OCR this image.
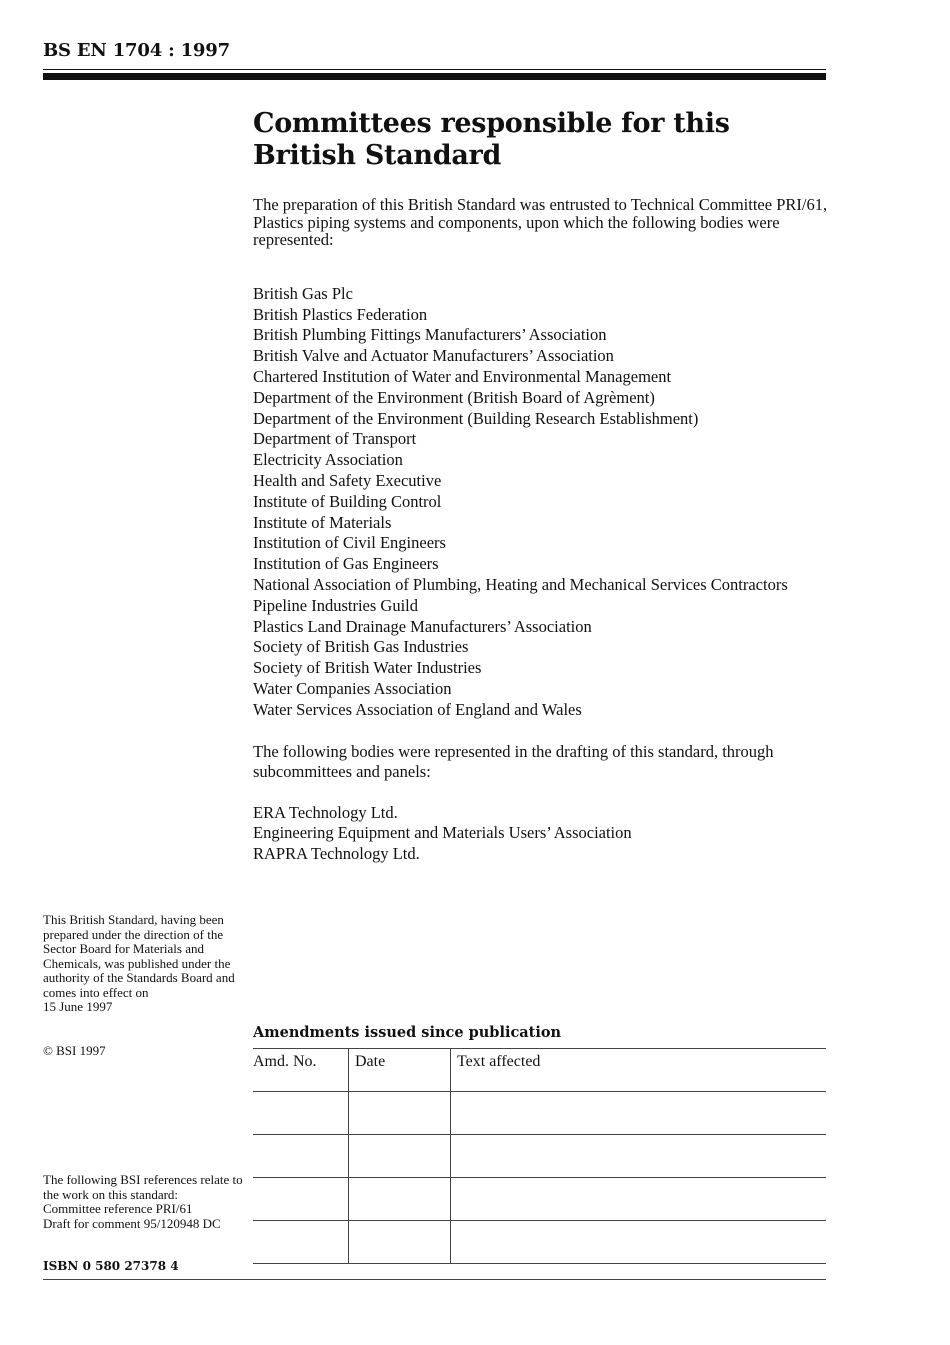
BS EN 1704 : 1997
Committees responsible for this
British Standard
The preparation of this British Standard was entrusted to Technical Committee PRI/61, Plastics piping systems and components, upon which the following bodies were represented:
British Gas Plc
British Plastics Federation
British Plumbing Fittings Manufacturers’ Association
British Valve and Actuator Manufacturers’ Association
Chartered Institution of Water and Environmental Management
Department of the Environment (British Board of Agrèment)
Department of the Environment (Building Research Establishment)
Department of Transport
Electricity Association
Health and Safety Executive
Institute of Building Control
Institute of Materials
Institution of Civil Engineers
Institution of Gas Engineers
National Association of Plumbing, Heating and Mechanical Services Contractors
Pipeline Industries Guild
Plastics Land Drainage Manufacturers’ Association
Society of British Gas Industries
Society of British Water Industries
Water Companies Association
Water Services Association of England and Wales
The following bodies were represented in the drafting of this standard, through subcommittees and panels:
ERA Technology Ltd.
Engineering Equipment and Materials Users’ Association
RAPRA Technology Ltd.
This British Standard, having been prepared under the direction of the Sector Board for Materials and Chemicals, was published under the authority of the Standards Board and comes into effect on
15 June 1997
© BSI 1997
The following BSI references relate to the work on this standard:
Committee reference PRI/61
Draft for comment 95/120948 DC
ISBN 0 580 27378 4
Amendments issued since publication
Amd. No.	Date	Text affected
